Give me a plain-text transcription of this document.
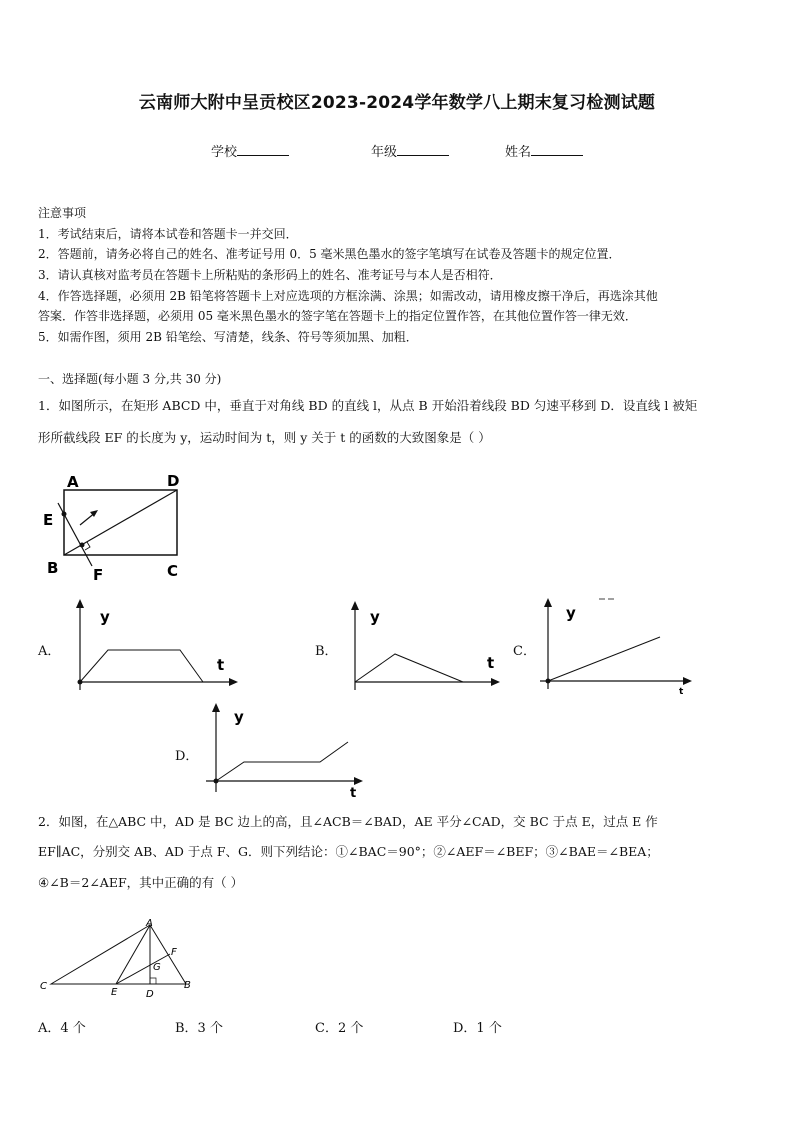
云南师大附中呈贡校区2023-2024学年数学八上期末复习检测试题
学校	年级	姓名
注意事项
1．考试结束后，请将本试卷和答题卡一并交回．
2．答题前，请务必将自己的姓名、准考证号用 0．5 毫米黑色墨水的签字笔填写在试卷及答题卡的规定位置．
3．请认真核对监考员在答题卡上所粘贴的条形码上的姓名、准考证号与本人是否相符．
4．作答选择题，必须用 2B 铅笔将答题卡上对应选项的方框涂满、涂黑；如需改动，请用橡皮擦干净后，再选涂其他
答案．作答非选择题，必须用 05 毫米黑色墨水的签字笔在答题卡上的指定位置作答，在其他位置作答一律无效．
5．如需作图，须用 2B 铅笔绘、写清楚，线条、符号等须加黑、加粗．
一、选择题(每小题 3 分,共 30 分)
1．如图所示，在矩形 ABCD 中，垂直于对角线 BD 的直线 l，从点 B 开始沿着线段 BD 匀速平移到 D．设直线 l 被矩
形所截线段 EF 的长度为 y，运动时间为 t，则 y 关于 t 的函数的大致图象是（ ）
A	D
E
B	C
F
A．
y
t
B．
y
t
C．
y
t
D．
y
t
2．如图，在△ABC 中，AD 是 BC 边上的高，且∠ACB＝∠BAD，AE 平分∠CAD，交 BC 于点 E，过点 E 作
EF∥AC，分别交 AB、AD 于点 F、G．则下列结论：①∠BAC＝90°；②∠AEF＝∠BEF；③∠BAE＝∠BEA；
④∠B＝2∠AEF，其中正确的有（ ）
A
C	B
E	D
F
G
A．4 个	B．3 个	C．2 个	D．1 个
